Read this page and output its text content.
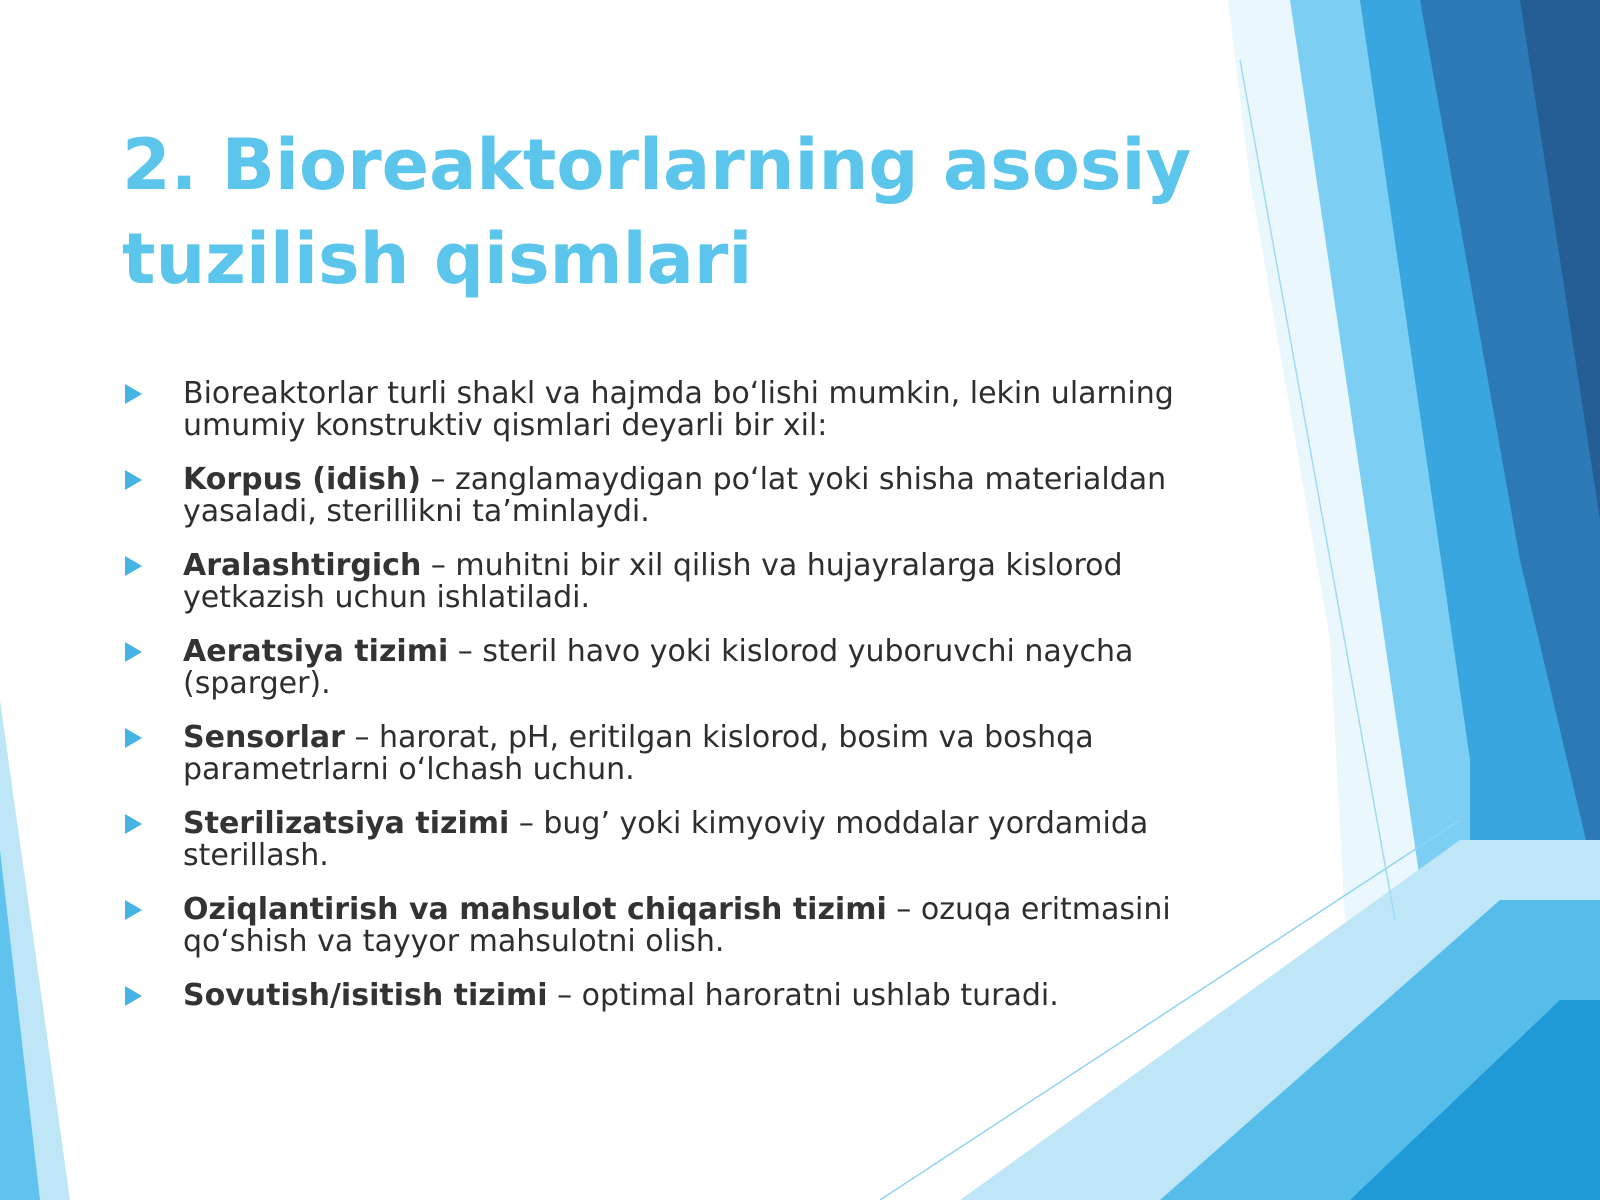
2. Bioreaktorlarning asosiy tuzilish qismlari
Bioreaktorlar turli shakl va hajmda bo‘lishi mumkin, lekin ularning umumiy konstruktiv qismlari deyarli bir xil:
Korpus (idish) – zanglamaydigan po‘lat yoki shisha materialdan yasaladi, sterillikni ta’minlaydi.
Aralashtirgich – muhitni bir xil qilish va hujayralarga kislorod yetkazish uchun ishlatiladi.
Aeratsiya tizimi – steril havo yoki kislorod yuboruvchi naycha (sparger).
Sensorlar – harorat, pH, eritilgan kislorod, bosim va boshqa parametrlarni o‘lchash uchun.
Sterilizatsiya tizimi – bug’ yoki kimyoviy moddalar yordamida sterillash.
Oziqlantirish va mahsulot chiqarish tizimi – ozuqa eritmasini qo‘shish va tayyor mahsulotni olish.
Sovutish/isitish tizimi – optimal haroratni ushlab turadi.
